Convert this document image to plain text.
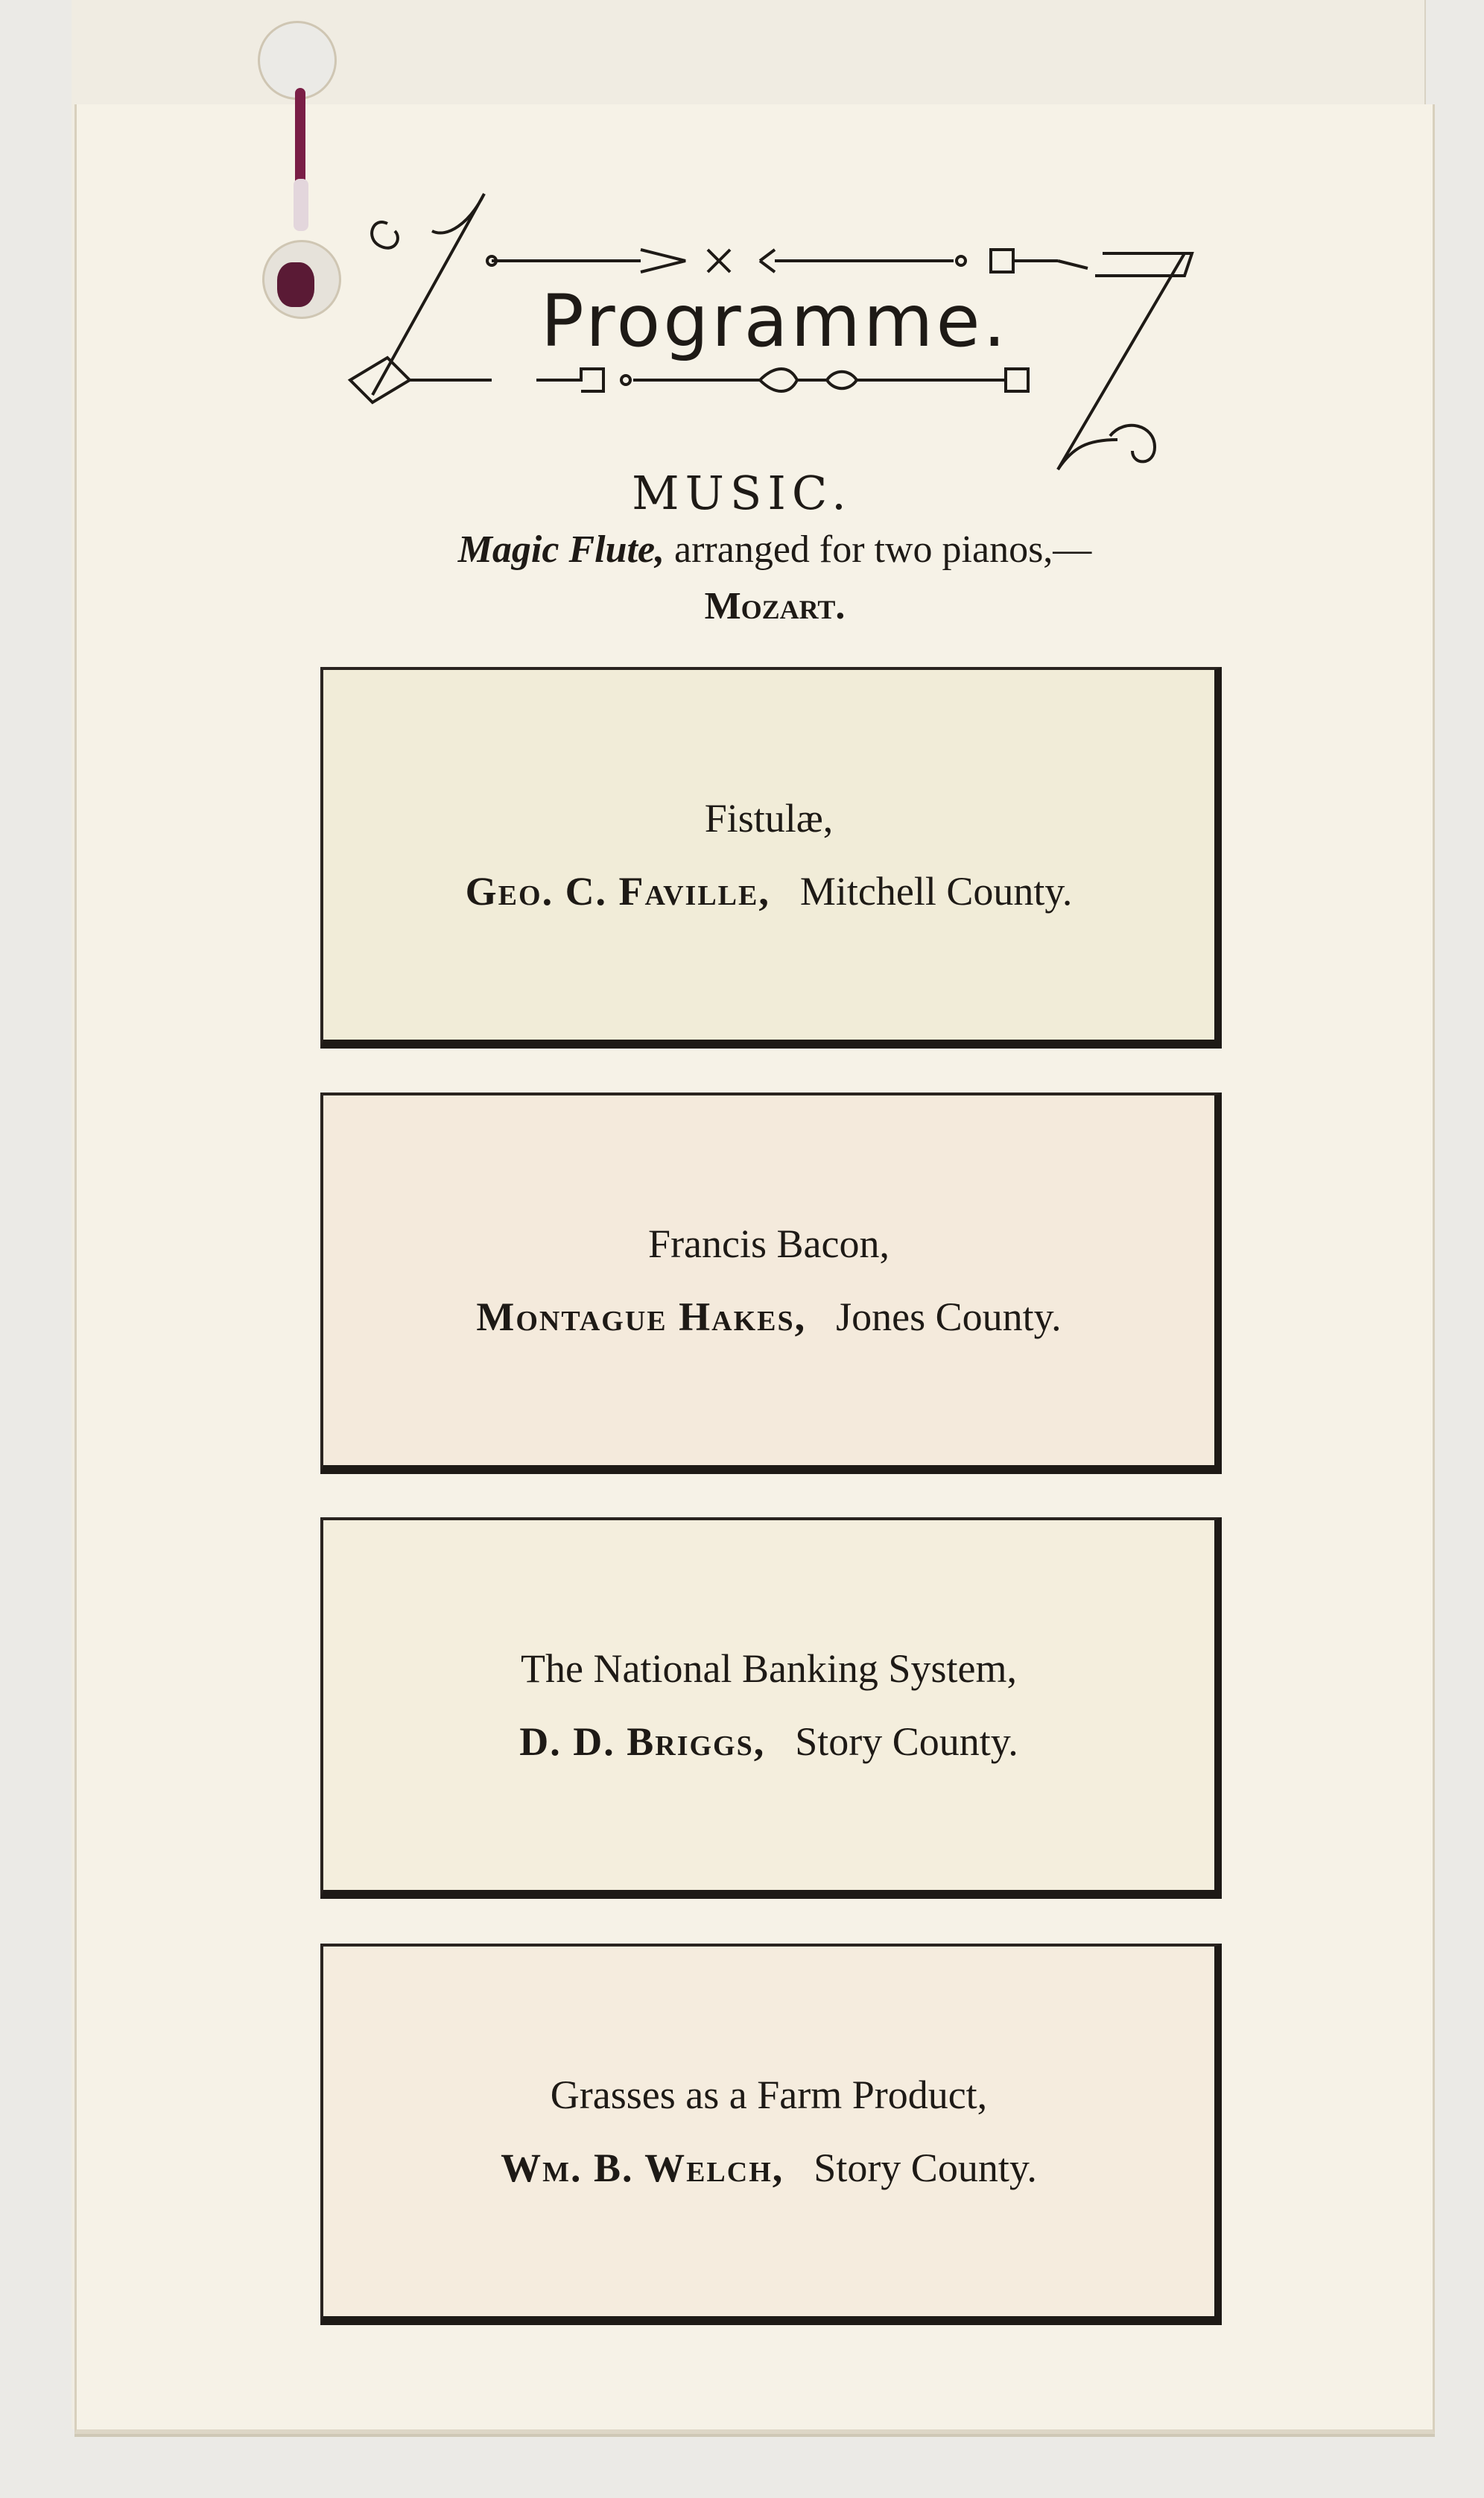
Programme.
MUSIC.
Magic Flute, arranged for two pianos,—Mozart.
Fistulæ,
Geo. C. Faville, Mitchell County.
Francis Bacon,
Montague Hakes, Jones County.
The National Banking System,
D. D. Briggs, Story County.
Grasses as a Farm Product,
Wm. B. Welch, Story County.
